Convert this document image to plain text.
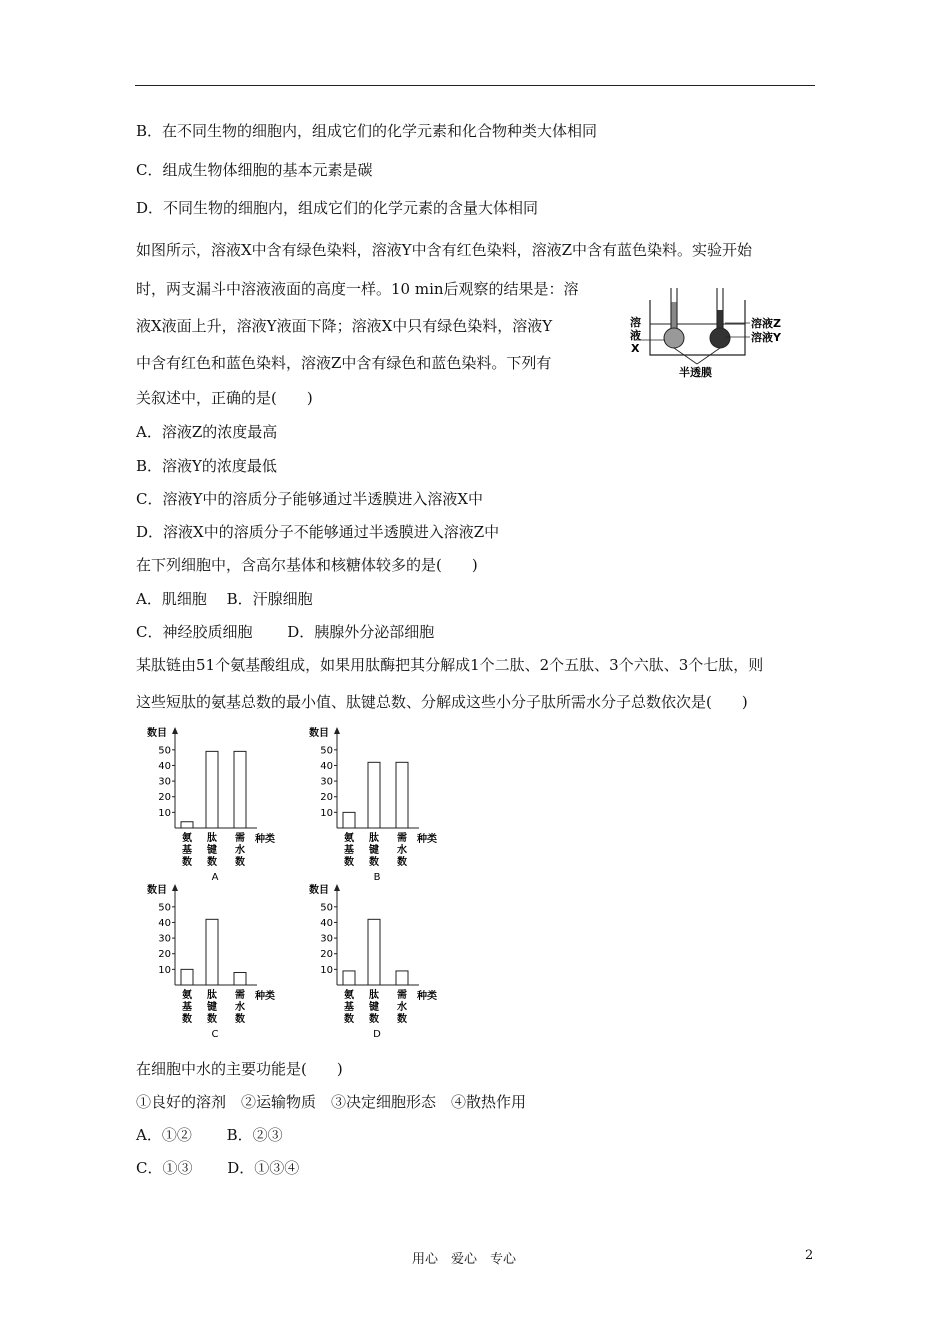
B．在不同生物的细胞内，组成它们的化学元素和化合物种类大体相同
C．组成生物体细胞的基本元素是碳
D．不同生物的细胞内，组成它们的化学元素的含量大体相同
如图所示，溶液X中含有绿色染料，溶液Y中含有红色染料，溶液Z中含有蓝色染料。实验开始
时，两支漏斗中溶液液面的高度一样。10 min后观察的结果是：溶
液X液面上升，溶液Y液面下降；溶液X中只有绿色染料，溶液Y
中含有红色和蓝色染料，溶液Z中含有绿色和蓝色染料。下列有
关叙述中，正确的是(　　)
溶
液
X
溶液Z
溶液Y
半透膜
A．溶液Z的浓度最高
B．溶液Y的浓度最低
C．溶液Y中的溶质分子能够通过半透膜进入溶液X中
D．溶液X中的溶质分子不能够通过半透膜进入溶液Z中
在下列细胞中，含高尔基体和核糖体较多的是(　　)
A．肌细胞　 B．汗腺细胞
C．神经胶质细胞　　 D．胰腺外分泌部细胞
某肽链由51个氨基酸组成，如果用肽酶把其分解成1个二肽、2个五肽、3个六肽、3个七肽，则
这些短肽的氨基总数的最小值、肽键总数、分解成这些小分子肽所需水分子总数依次是(　　)
数目
10
20
30
40
50
氨
基
数
肽
键
数
需
水
数
种类
A
数目
10
20
30
40
50
氨
基
数
肽
键
数
需
水
数
种类
B
数目
10
20
30
40
50
氨
基
数
肽
键
数
需
水
数
种类
C
数目
10
20
30
40
50
氨
基
数
肽
键
数
需
水
数
种类
D
在细胞中水的主要功能是(　　)
①良好的溶剂　②运输物质　③决定细胞形态　④散热作用
A．①②　　 B．②③
C．①③　　 D．①③④
用心　爱心　专心	2
